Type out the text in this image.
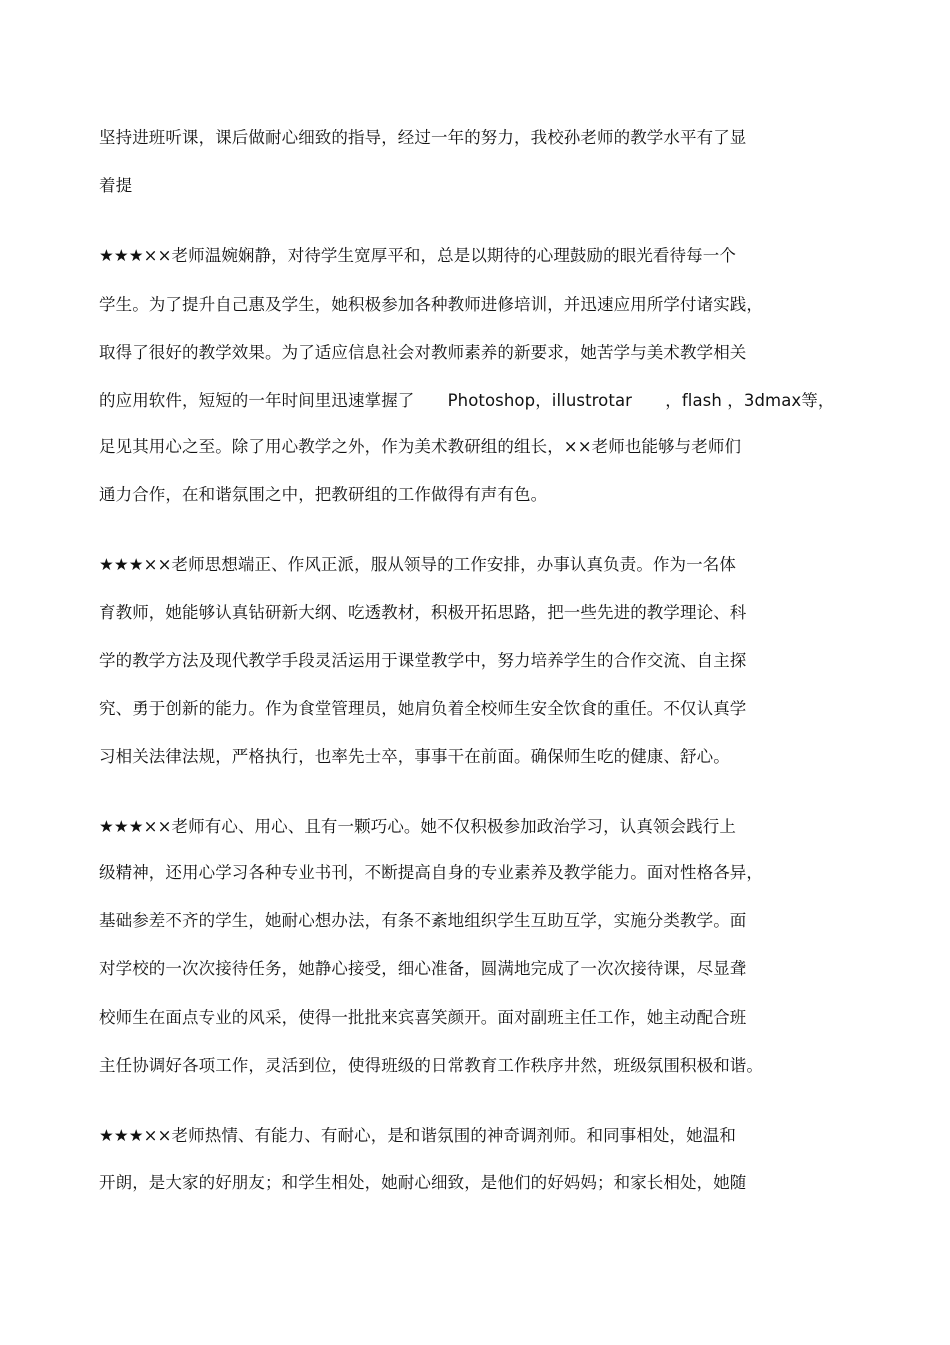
坚持进班听课，课后做耐心细致的指导，经过一年的努力，我校孙老师的教学水平有了显
着提
★★★××老师温婉娴静，对待学生宽厚平和，总是以期待的心理鼓励的眼光看待每一个
学生。为了提升自己惠及学生，她积极参加各种教师进修培训，并迅速应用所学付诸实践，
取得了很好的教学效果。为了适应信息社会对教师素养的新要求，她苦学与美术教学相关
的应用软件，短短的一年时间里迅速掌握了　　Photoshop，illustrotar　　，flash ，3dmax等，
足见其用心之至。除了用心教学之外，作为美术教研组的组长，××老师也能够与老师们
通力合作，在和谐氛围之中，把教研组的工作做得有声有色。
★★★××老师思想端正、作风正派，服从领导的工作安排，办事认真负责。作为一名体
育教师，她能够认真钻研新大纲、吃透教材，积极开拓思路，把一些先进的教学理论、科
学的教学方法及现代教学手段灵活运用于课堂教学中，努力培养学生的合作交流、自主探
究、勇于创新的能力。作为食堂管理员，她肩负着全校师生安全饮食的重任。不仅认真学
习相关法律法规，严格执行，也率先士卒，事事干在前面。确保师生吃的健康、舒心。
★★★××老师有心、用心、且有一颗巧心。她不仅积极参加政治学习，认真领会践行上
级精神，还用心学习各种专业书刊，不断提高自身的专业素养及教学能力。面对性格各异，
基础参差不齐的学生，她耐心想办法，有条不紊地组织学生互助互学，实施分类教学。面
对学校的一次次接待任务，她静心接受，细心准备，圆满地完成了一次次接待课，尽显聋
校师生在面点专业的风采，使得一批批来宾喜笑颜开。面对副班主任工作，她主动配合班
主任协调好各项工作，灵活到位，使得班级的日常教育工作秩序井然，班级氛围积极和谐。
★★★××老师热情、有能力、有耐心，是和谐氛围的神奇调剂师。和同事相处，她温和
开朗，是大家的好朋友；和学生相处，她耐心细致，是他们的好妈妈；和家长相处，她随
